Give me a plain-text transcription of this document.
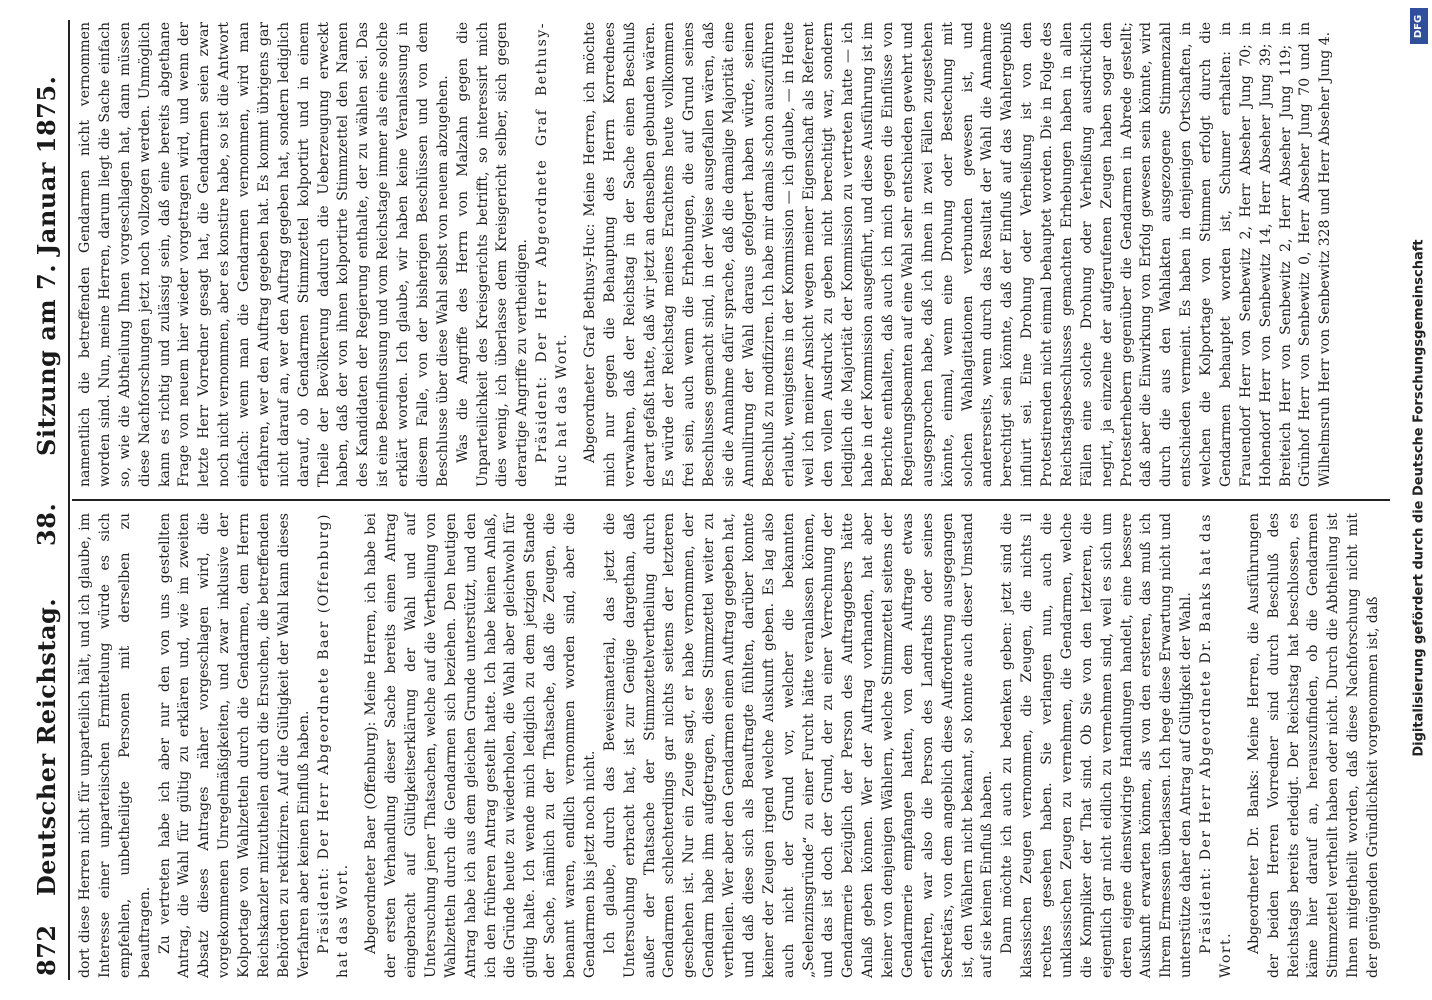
872
Deutscher Reichstag.
38.
Sitzung am 7. Januar 1875.

dort diese Herren nicht für unparteilich hält, und ich glaube, im Interesse einer unparteiischen Ermittelung würde es sich empfehlen, unbetheiligte Personen mit derselben zu beauftragen. Zu vertreten habe ich aber nur den von uns gestellten Antrag, die Wahl für gültig zu erklären und, wie im zweiten Absatz dieses Antrages näher vorgeschlagen wird, die vorgekommenen Unregelmäßigkeiten, und zwar inklusive der Kolportage von Wahlzetteln durch die Gendarmen, dem Herrn Reichskanzler mitzutheilen durch die Ersuchen, die betreffenden Behörden zu rektifiziren. Auf die Gültigkeit der Wahl kann dieses Verfahren aber keinen Einfluß haben. Präsident: Der Herr Abgeordnete Baer (Offenburg) hat das Wort. Abgeordneter Baer (Offenburg): Meine Herren, ich habe bei der ersten Verhandlung dieser Sache bereits einen Antrag eingebracht auf Gültigkeitserklärung der Wahl und auf Untersuchung jener Thatsachen, welche auf die Vertheilung von Wahlzetteln durch die Gendarmen sich beziehen. Den heutigen Antrag habe ich aus dem gleichen Grunde unterstützt, und den ich den früheren Antrag gestellt hatte. Ich habe keinen Anlaß, die Gründe heute zu wiederholen, die Wahl aber gleichwohl für gültig halte. Ich wende mich lediglich zu dem jetzigen Stande der Sache, nämlich zu der Thatsache, daß die Zeugen, die benannt waren, endlich vernommen worden sind, aber die Gendarmen bis jetzt noch nicht. Ich glaube, durch das Beweismaterial, das jetzt die Untersuchung erbracht hat, ist zur Genüge dargethan, daß außer der Thatsache der Stimmzettelvertheilung durch Gendarmen schlechterdings gar nichts seitens der letzteren geschehen ist. Nur ein Zeuge sagt, er habe vernommen, der Gendarm habe ihm aufgetragen, diese Stimmzettel weiter zu vertheilen. Wer aber den Gendarmen einen Auftrag gegeben hat, und daß diese sich als Beauftragte fühlten, darüber konnte keiner der Zeugen irgend welche Auskunft geben. Es lag also auch nicht der Grund vor, welcher die bekannten „Seelenzinsgründe“ zu einer Furcht hätte veranlassen können, und das ist doch der Grund, der zu einer Verrechnung der Gendarmerie bezüglich der Person des Auftraggebers hätte Anlaß geben können. Wer der Auftrag vorhanden, hat aber keiner von denjenigen Wählern, welche Stimmzettel seitens der Gendarmerie empfangen hatten, von dem Auftrage etwas erfahren, war also die Person des Landraths oder seines Sekretärs, von dem angeblich diese Aufforderung ausgegangen ist, den Wählern nicht bekannt, so konnte auch dieser Umstand auf sie keinen Einfluß haben. Dann möchte ich auch zu bedenken geben: jetzt sind die klassischen Zeugen vernommen, die Zeugen, die nichts il rechtes gesehen haben. Sie verlangen nun, auch die unklassischen Zeugen zu vernehmen, die Gendarmen, welche die Kompliker der That sind. Ob Sie von den letzteren, die eigentlich gar nicht eidlich zu vernehmen sind, weil es sich um deren eigene dienstwidrige Handlungen handelt, eine bessere Auskunft erwarten können, als von den ersteren, das muß ich Ihrem Ermessen überlassen. Ich hege diese Erwartung nicht und unterstütze daher den Antrag auf Gültigkeit der Wahl. Präsident: Der Herr Abgeordnete Dr. Banks hat das Wort.

Abgeordneter Dr. Banks: Meine Herren, die Ausführungen der beiden Herren Vorredner sind durch Beschluß des Reichstags bereits erledigt. Der Reichstag hat beschlossen, es käme hier darauf an, herauszufinden, ob die Gendarmen Stimmzettel vertheilt haben oder nicht. Durch die Abtheilung ist Ihnen mitgetheilt worden, daß diese Nachforschung nicht mit der genügenden Gründlichkeit vorgenommen ist, daß

namentlich die betreffenden Gendarmen nicht vernommen worden sind. Nun, meine Herren, darum liegt die Sache einfach so, wie die Abtheilung Ihnen vorgeschlagen hat, dann müssen diese Nachforschungen jetzt noch vollzogen werden. Unmöglich kann es richtig und zulässig sein, daß eine bereits abgethane Frage von neuem hier wieder vorgetragen wird, und wenn der letzte Herr Vorredner gesagt hat, die Gendarmen seien zwar noch nicht vernommen, aber es konstire habe, so ist die Antwort einfach: wenn man die Gendarmen vernommen, wird man erfahren, wer den Auftrag gegeben hat. Es kommt übrigens gar nicht darauf an, wer den Auftrag gegeben hat, sondern lediglich darauf, ob Gendarmen Stimmzettel kolportirt und in einem Theile der Bevölkerung dadurch die Ueberzeugung erweckt haben, daß der von ihnen kolportirte Stimmzettel den Namen des Kandidaten der Regierung enthalte, der zu wählen sei. Das ist eine Beeinflussung und vom Reichstage immer als eine solche erklärt worden. Ich glaube, wir haben keine Veranlassung in diesem Falle, von der bisherigen Beschlüssen und von dem Beschlusse über diese Wahl selbst von neuem abzugehen. Was die Angriffe des Herrn von Malzahn gegen die Unparteilichkeit des Kreisgerichts betrifft, so interessirt mich dies wenig, ich überlasse dem Kreisgericht selber, sich gegen derartige Angriffe zu vertheidigen. Präsident: Der Herr Abgeordnete Graf Bethusy-Huc hat das Wort. Abgeordneter Graf Bethusy-Huc: Meine Herren, ich möchte mich nur gegen die Behauptung des Herrn Korrednees verwahren, daß der Reichstag in der Sache einen Beschluß derart gefaßt hatte, daß wir jetzt an denselben gebunden wären. Es würde der Reichstag meines Erachtens heute vollkommen frei sein, auch wenn die Erhebungen, die auf Grund seines Beschlusses gemacht sind, in der Weise ausgefallen wären, daß sie die Annahme dafür sprache, daß die damalige Majorität eine Annullirung der Wahl daraus gefolgert haben würde, seinen Beschluß zu modifiziren. Ich habe mir damals schon auszuführen erlaubt, wenigstens in der Kommission — ich glaube, — in Heute weil ich meiner Ansicht wegen meiner Eigenschaft als Referent den vollen Ausdruck zu geben nicht berechtigt war, sondern lediglich die Majorität der Kommission zu vertreten hatte — ich habe in der Kommission ausgeführt, und diese Ausführung ist im Berichte enthalten, daß auch ich mich gegen die Einflüsse von Regierungsbeamten auf eine Wahl sehr entschieden gewehrt und ausgesprochen habe, daß ich ihnen in zwei Fällen zugestehen könnte, einmal, wenn eine Drohung oder Bestechung mit solchen Wahlagitationen verbunden gewesen ist, und andererseits, wenn durch das Resultat der Wahl die Annahme berechtigt sein könnte, daß der Einfluß auf das Wahlergebniß influirt sei. Eine Drohung oder Verheißung ist von den Protestirenden nicht einmal behauptet worden. Die in Folge des Reichstagsbeschlusses gemachten Erhebungen haben in allen Fällen eine solche Drohung oder Verheißung ausdrücklich negirt, ja einzelne der aufgerufenen Zeugen haben sogar den Protesterhebern gegenüber die Gendarmen in Abrede gestellt; daß aber die Einwirkung von Erfolg gewesen sein könnte, wird durch die aus den Wahlakten ausgezogene Stimmenzahl entschieden vermeint. Es haben in denjenigen Ortschaften, in welchen die Kolportage von Stimmen erfolgt durch die Gendarmen behauptet worden ist, Schumer erhalten: in Frauendorf Herr von Senbewitz 2, Herr Abseher Jung 70; in Hohendorf Herr von Senbewitz 14, Herr Abseher Jung 39; in Breiteich Herr von Senbewitz 2, Herr Abseher Jung 119; in Grünhof Herr von Senbewitz 0, Herr Abseher Jung 70 und in Wilhelmsruh Herr von Senbewitz 328 und Herr Abseher Jung 4.

DFG
Digitalisierung gefördert durch die Deutsche Forschungsgemeinschaft
